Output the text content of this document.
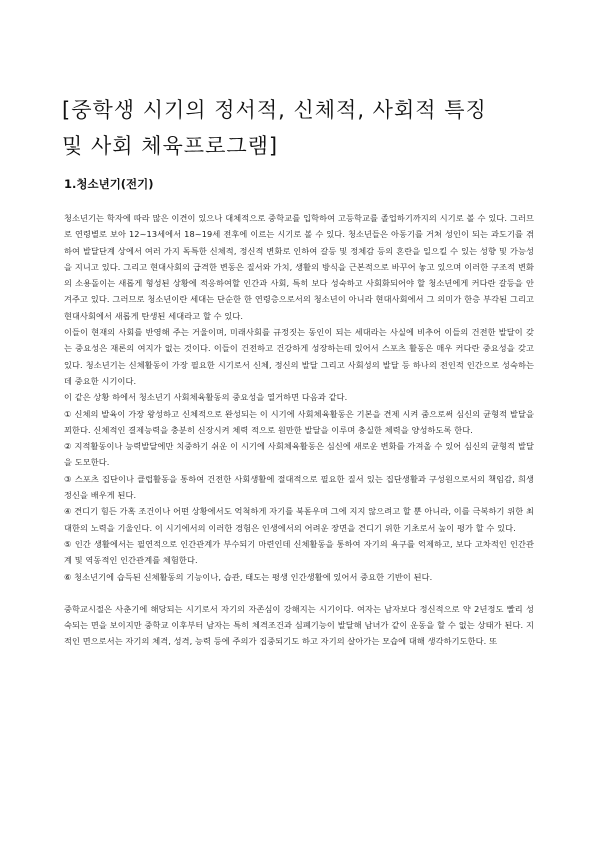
[중학생 시기의 정서적, 신체적, 사회적 특징
및 사회 체육프로그램]
1.청소년기(전기)

청소년기는 학자에 따라 많은 이견이 있으나 대체적으로 중학교를 입학하여 고등학교를 졸업하기까지의 시기로 볼 수 있다. 그러므로 연령별로 보아 12~13세에서 18~19세 전후에 이르는 시기로 볼 수 있다. 청소년들은 아동기를 거쳐 성인이 되는 과도기를 겪하여 발달단계 상에서 여러 가지 독특한 신체적, 정신적 변화로 인하여 갈등 및 정체감 등의 혼란을 일으킬 수 있는 성향 및 가능성을 지니고 있다. 그리고 현대사회의 급격한 변동은 질서와 가치, 생활의 방식을 근본적으로 바꾸어 놓고 있으며 이러한 구조적 변화의 소용돌이는 새롭게 형성된 상황에 적응하여할 인간과 사회, 특히 보다 성숙하고 사회화되어야 할 청소년에게 커다란 갈등을 안겨주고 있다. 그러므로 청소년이란 세대는 단순한 한 연령층으로서의 청소년이 아니라 현대사회에서 그 의미가 한층 부각된 그리고 현대사회에서 새롭게 탄생된 세대라고 할 수 있다.

이들이 현재의 사회를 반영해 주는 거울이며, 미래사회를 규정짓는 동인이 되는 세대라는 사실에 비추어 이들의 건전한 발달이 갖는 중요성은 재론의 여지가 없는 것이다. 이들이 건전하고 건강하게 성장하는데 있어서 스포츠 활동은 매우 커다란 중요성을 갖고 있다. 청소년기는 신체활동이 가장 필요한 시기로서 신체, 정신의 발달 그리고 사회성의 발달 등 하나의 전인적 인간으로 성숙하는 데 중요한 시기이다.

이 같은 상황 하에서 청소년기 사회체육활동의 중요성을 열거하면 다음과 같다.

① 신체의 발육이 가장 왕성하고 신체적으로 완성되는 이 시기에 사회체육활동은 기본을 견제 시켜 줌으로써 심신의 균형적 발달을 꾀한다. 신체적인 결제능력을 충분히 신장시켜 체력 적으로 원만한 발달을 이루며 충실한 체력을 양성하도록 한다.

② 지적활동이나 능력발달에만 치중하기 쉬운 이 시기에 사회체육활동은 심신에 새로운 변화를 가져올 수 있어 심신의 균형적 발달을 도모한다.

③ 스포츠 집단이나 클럽활동을 통하여 건전한 사회생활에 절대적으로 필요한 질서 있는 집단생활과 구성원으로서의 책임감, 희생정신을 배우게 된다.

④ 견디기 힘든 가혹 조건이나 어떤 상황에서도 억척하게 자기를 북돋우며 그에 지지 않으려고 할 뿐 아니라, 이를 극복하기 위한 최대한의 노력을 기울인다. 이 시기에서의 이러한 경험은 인생에서의 어려운 장면을 견디기 위한 기초로서 높이 평가 할 수 있다.

⑤ 인간 생활에서는 필연적으로 인간관계가 부수되기 마련인데 신체활동을 통하여 자기의 욕구를 억제하고, 보다 고차적인 인간관계 및 역동적인 인간관계를 체험한다.

⑥ 청소년기에 습득된 신체활동의 기능이나, 습관, 태도는 평생 인간생활에 있어서 중요한 기반이 된다.

중학교시절은 사춘기에 해당되는 시기로서 자기의 자존심이 강해지는 시기이다. 여자는 남자보다 정신적으로 약 2년정도 빨리 성숙되는 면을 보이지만 중학교 이후부터 남자는 특히 체격조건과 심폐기능이 발달해 남녀가 같이 운동을 할 수 없는 상태가 된다. 지적인 면으로서는 자기의 체격, 성격, 능력 등에 주의가 집중되기도 하고 자기의 살아가는 모습에 대해 생각하기도한다. 또
